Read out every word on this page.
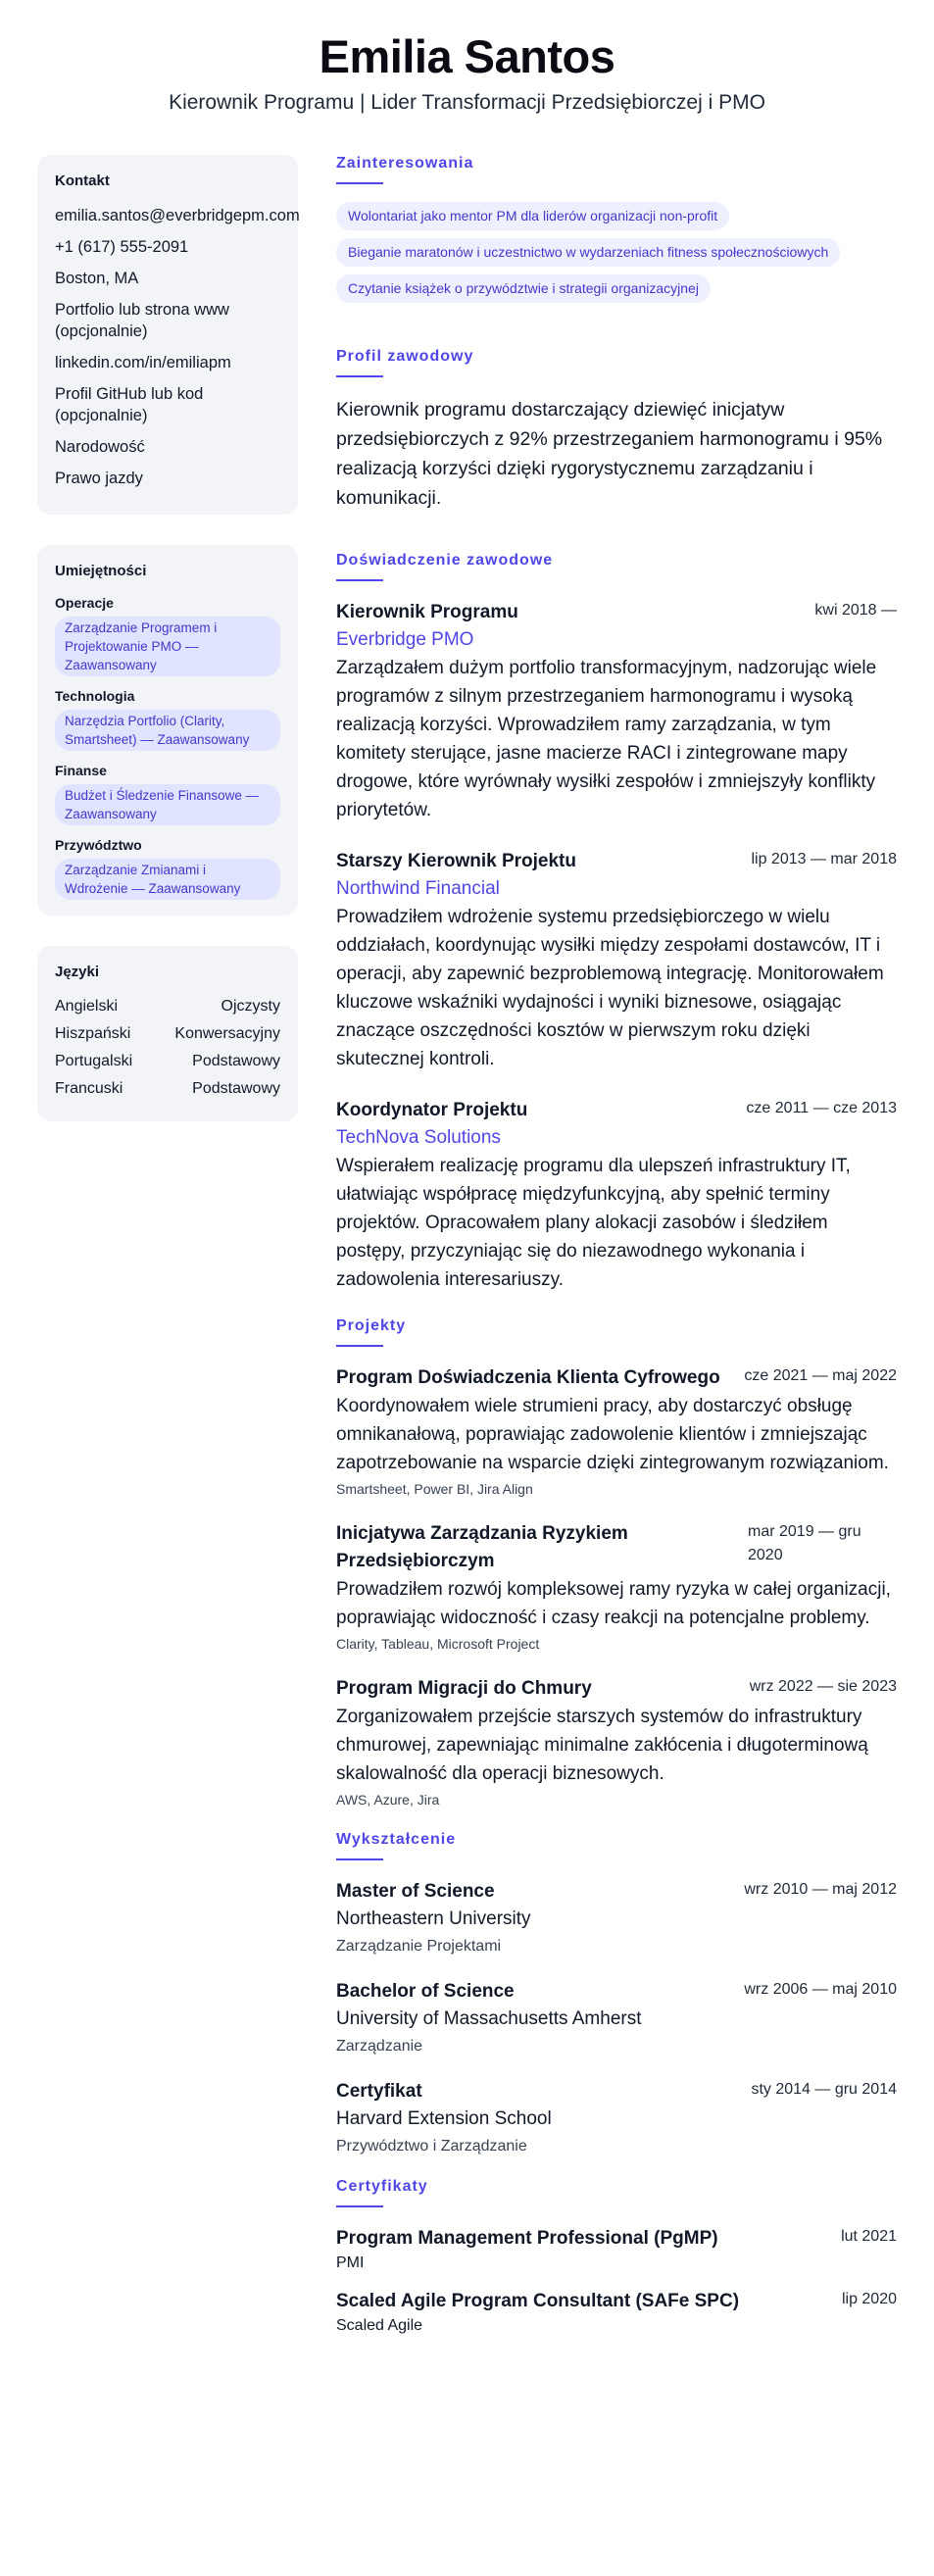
Emilia Santos
Kierownik Programu | Lider Transformacji Przedsiębiorczej i PMO
Kontakt
emilia.santos@everbridgepm.com
+1 (617) 555-2091
Boston, MA
Portfolio lub strona www (opcjonalnie)
linkedin.com/in/emiliapm
Profil GitHub lub kod (opcjonalnie)
Narodowość
Prawo jazdy
Umiejętności
Operacje
Zarządzanie Programem i Projektowanie PMO — Zaawansowany
Technologia
Narzędzia Portfolio (Clarity, Smartsheet) — Zaawansowany
Finanse
Budżet i Śledzenie Finansowe — Zaawansowany
Przywództwo
Zarządzanie Zmianami i Wdrożenie — Zaawansowany
Języki
Angielski	Ojczysty
Hiszpański	Konwersacyjny
Portugalski	Podstawowy
Francuski	Podstawowy
Zainteresowania
Wolontariat jako mentor PM dla liderów organizacji non-profit Bieganie maratonów i uczestnictwo w wydarzeniach fitness społecznościowych Czytanie książek o przywództwie i strategii organizacyjnej
Profil zawodowy

Kierownik programu dostarczający dziewięć inicjatyw przedsiębiorczych z 92% przestrzeganiem harmonogramu i 95% realizacją korzyści dzięki rygorystycznemu zarządzaniu i komunikacji.

Doświadczenie zawodowe
Kierownik Programu	kwi 2018 —
Everbridge PMO
Zarządzałem dużym portfolio transformacyjnym, nadzorując wiele programów z silnym przestrzeganiem harmonogramu i wysoką realizacją korzyści. Wprowadziłem ramy zarządzania, w tym komitety sterujące, jasne macierze RACI i zintegrowane mapy drogowe, które wyrównały wysiłki zespołów i zmniejszyły konflikty priorytetów.
Starszy Kierownik Projektu	lip 2013 — mar 2018
Northwind Financial
Prowadziłem wdrożenie systemu przedsiębiorczego w wielu oddziałach, koordynując wysiłki między zespołami dostawców, IT i operacji, aby zapewnić bezproblemową integrację. Monitorowałem kluczowe wskaźniki wydajności i wyniki biznesowe, osiągając znaczące oszczędności kosztów w pierwszym roku dzięki skutecznej kontroli.
Koordynator Projektu	cze 2011 — cze 2013
TechNova Solutions
Wspierałem realizację programu dla ulepszeń infrastruktury IT, ułatwiając współpracę międzyfunkcyjną, aby spełnić terminy projektów. Opracowałem plany alokacji zasobów i śledziłem postępy, przyczyniając się do niezawodnego wykonania i zadowolenia interesariuszy.
Projekty
Program Doświadczenia Klienta Cyfrowego cze 2021 — maj 2022
Koordynowałem wiele strumieni pracy, aby dostarczyć obsługę omnikanałową, poprawiając zadowolenie klientów i zmniejszając zapotrzebowanie na wsparcie dzięki zintegrowanym rozwiązaniom.
Smartsheet, Power BI, Jira Align
Inicjatywa Zarządzania Ryzykiem Przedsiębiorczym
mar 2019 — gru 2020
Prowadziłem rozwój kompleksowej ramy ryzyka w całej organizacji, poprawiając widoczność i czasy reakcji na potencjalne problemy.
Clarity, Tableau, Microsoft Project
Program Migracji do Chmury	wrz 2022 — sie 2023
Zorganizowałem przejście starszych systemów do infrastruktury chmurowej, zapewniając minimalne zakłócenia i długoterminową skalowalność dla operacji biznesowych.
AWS, Azure, Jira
Wykształcenie
Master of Science	wrz 2010 — maj 2012
Northeastern University
Zarządzanie Projektami
Bachelor of Science	wrz 2006 — maj 2010
University of Massachusetts Amherst
Zarządzanie
Certyfikat	sty 2014 — gru 2014
Harvard Extension School
Przywództwo i Zarządzanie
Certyfikaty
Program Management Professional (PgMP)	lut 2021
PMI
Scaled Agile Program Consultant (SAFe SPC)	lip 2020
Scaled Agile
